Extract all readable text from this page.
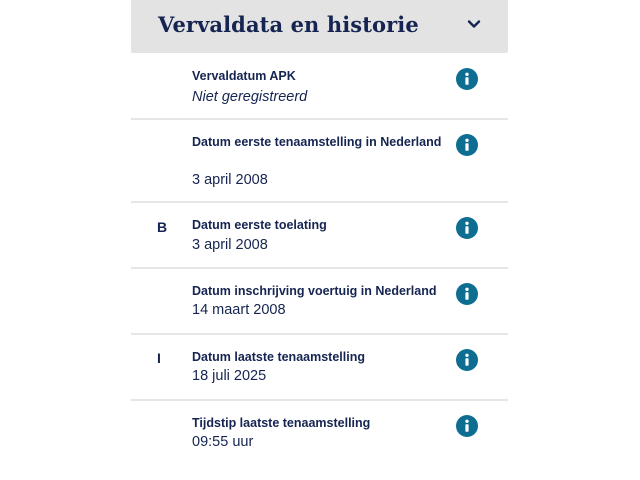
Vervaldata en historie
Vervaldatum APK
Niet geregistreerd
Datum eerste tenaamstelling in Nederland
3 april 2008
B Datum eerste toelating
3 april 2008
Datum inschrijving voertuig in Nederland
14 maart 2008
I Datum laatste tenaamstelling
18 juli 2025
Tijdstip laatste tenaamstelling
09:55 uur
